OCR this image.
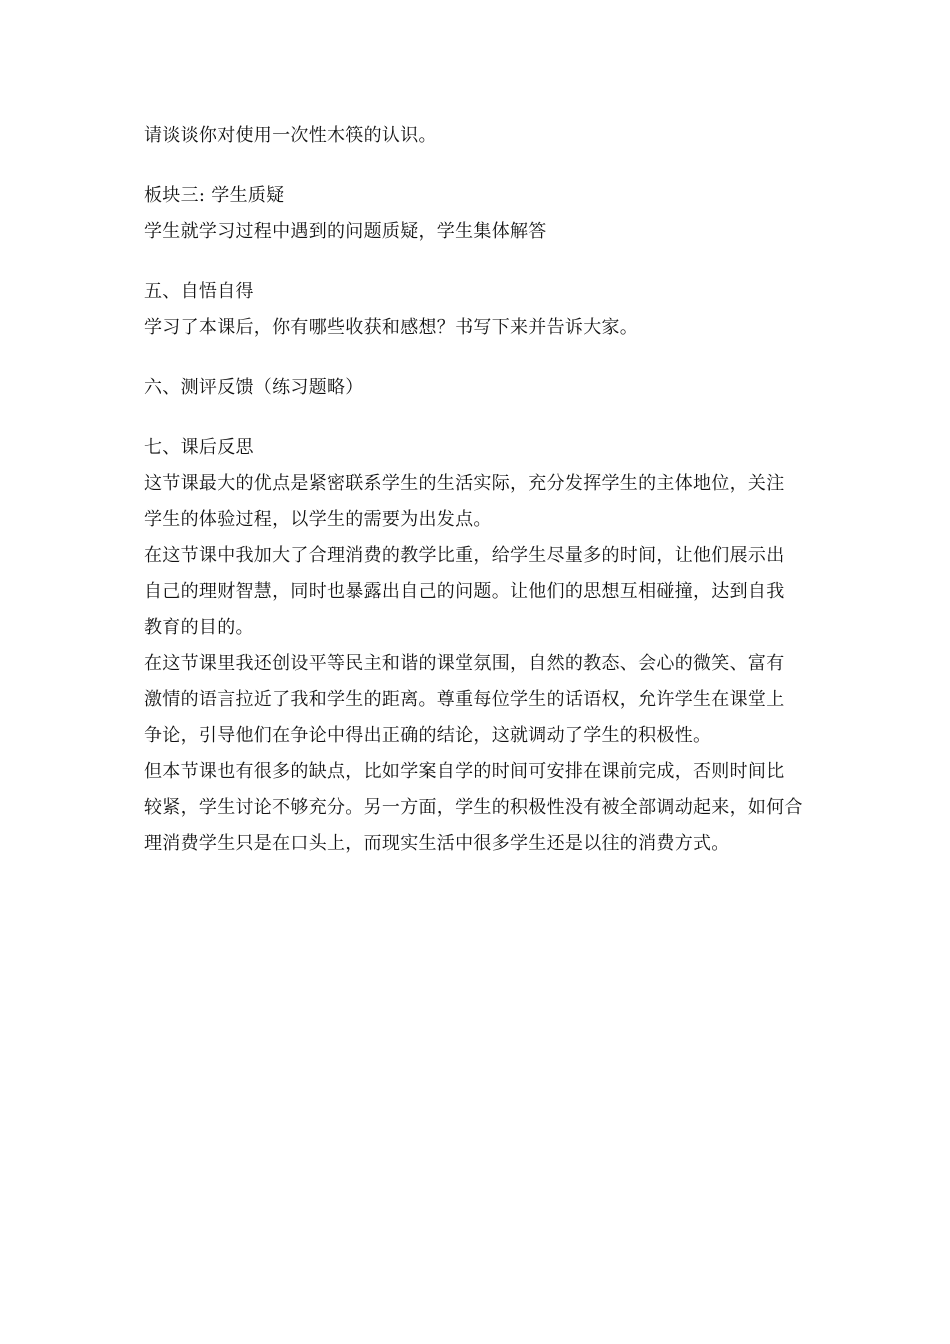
请谈谈你对使用一次性木筷的认识。
板块三: 学生质疑
学生就学习过程中遇到的问题质疑，学生集体解答
五、自悟自得
学习了本课后，你有哪些收获和感想？书写下来并告诉大家。
六、测评反馈（练习题略）
七、课后反思
这节课最大的优点是紧密联系学生的生活实际，充分发挥学生的主体地位，关注
学生的体验过程，以学生的需要为出发点。
在这节课中我加大了合理消费的教学比重，给学生尽量多的时间，让他们展示出
自己的理财智慧，同时也暴露出自己的问题。让他们的思想互相碰撞，达到自我
教育的目的。
在这节课里我还创设平等民主和谐的课堂氛围，自然的教态、会心的微笑、富有
激情的语言拉近了我和学生的距离。尊重每位学生的话语权，允许学生在课堂上
争论，引导他们在争论中得出正确的结论，这就调动了学生的积极性。
但本节课也有很多的缺点，比如学案自学的时间可安排在课前完成，否则时间比
较紧，学生讨论不够充分。另一方面，学生的积极性没有被全部调动起来，如何合
理消费学生只是在口头上，而现实生活中很多学生还是以往的消费方式。
